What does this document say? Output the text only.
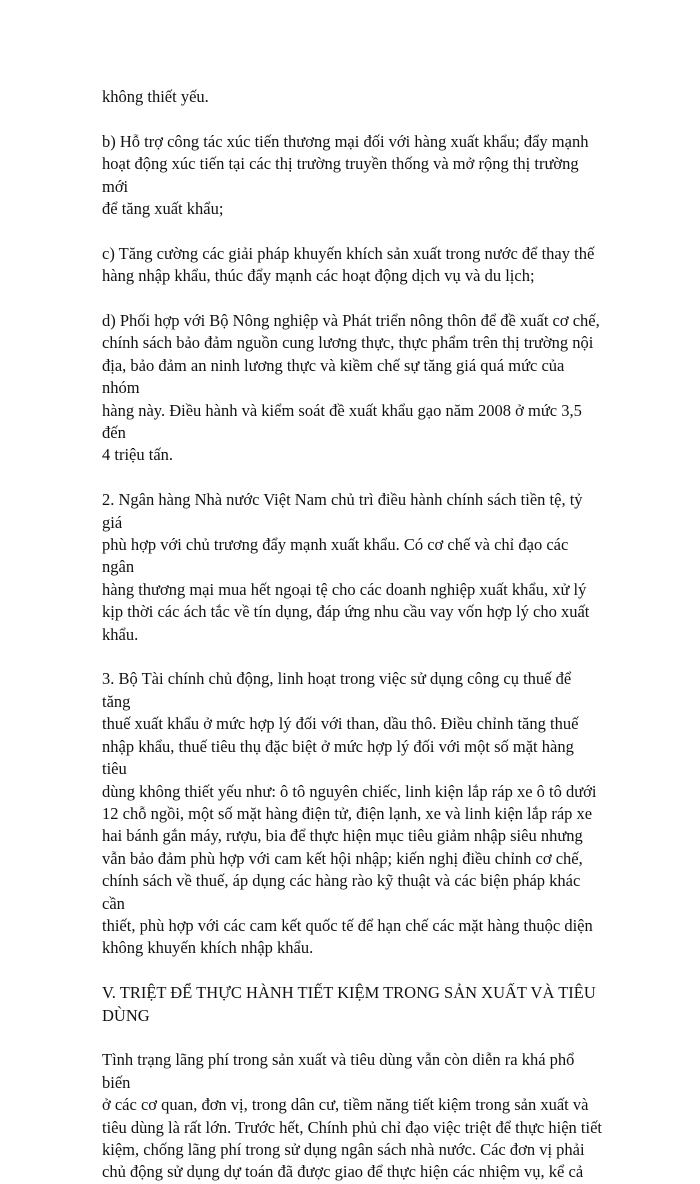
không thiết yếu.

b) Hỗ trợ công tác xúc tiến thương mại đối với hàng xuất khẩu; đẩy mạnh
hoạt động xúc tiến tại các thị trường truyền thống và mở rộng thị trường mới
để tăng xuất khẩu;

c) Tăng cường các giải pháp khuyến khích sản xuất trong nước để thay thế
hàng nhập khẩu, thúc đẩy mạnh các hoạt động dịch vụ và du lịch;

d) Phối hợp với Bộ Nông nghiệp và Phát triển nông thôn để đề xuất cơ chế,
chính sách bảo đảm nguồn cung lương thực, thực phẩm trên thị trường nội
địa, bảo đảm an ninh lương thực và kiềm chế sự tăng giá quá mức của nhóm
hàng này. Điều hành và kiểm soát đề xuất khẩu gạo năm 2008 ở mức 3,5 đến
4 triệu tấn.

2. Ngân hàng Nhà nước Việt Nam chủ trì điều hành chính sách tiền tệ, tỷ giá
phù hợp với chủ trương đẩy mạnh xuất khẩu. Có cơ chế và chỉ đạo các ngân
hàng thương mại mua hết ngoại tệ cho các doanh nghiệp xuất khẩu, xử lý
kịp thời các ách tắc về tín dụng, đáp ứng nhu cầu vay vốn hợp lý cho xuất
khẩu.

3. Bộ Tài chính chủ động, linh hoạt trong việc sử dụng công cụ thuế để tăng
thuế xuất khẩu ở mức hợp lý đối với than, dầu thô. Điều chỉnh tăng thuế
nhập khẩu, thuế tiêu thụ đặc biệt ở mức hợp lý đối với một số mặt hàng tiêu
dùng không thiết yếu như: ô tô nguyên chiếc, linh kiện lắp ráp xe ô tô dưới
12 chỗ ngồi, một số mặt hàng điện tử, điện lạnh, xe và linh kiện lắp ráp xe
hai bánh gắn máy, rượu, bia để thực hiện mục tiêu giảm nhập siêu nhưng
vẫn bảo đảm phù hợp với cam kết hội nhập; kiến nghị điều chỉnh cơ chế,
chính sách về thuế, áp dụng các hàng rào kỹ thuật và các biện pháp khác cần
thiết, phù hợp với các cam kết quốc tế để hạn chế các mặt hàng thuộc diện
không khuyến khích nhập khẩu.

V. TRIỆT ĐỂ THỰC HÀNH TIẾT KIỆM TRONG SẢN XUẤT VÀ TIÊU
DÙNG

Tình trạng lãng phí trong sản xuất và tiêu dùng vẫn còn diễn ra khá phổ biến
ở các cơ quan, đơn vị, trong dân cư, tiềm năng tiết kiệm trong sản xuất và
tiêu dùng là rất lớn. Trước hết, Chính phủ chỉ đạo việc triệt để thực hiện tiết
kiệm, chống lãng phí trong sử dụng ngân sách nhà nước. Các đơn vị phải
chủ động sử dụng dự toán đã được giao để thực hiện các nhiệm vụ, kể cả
